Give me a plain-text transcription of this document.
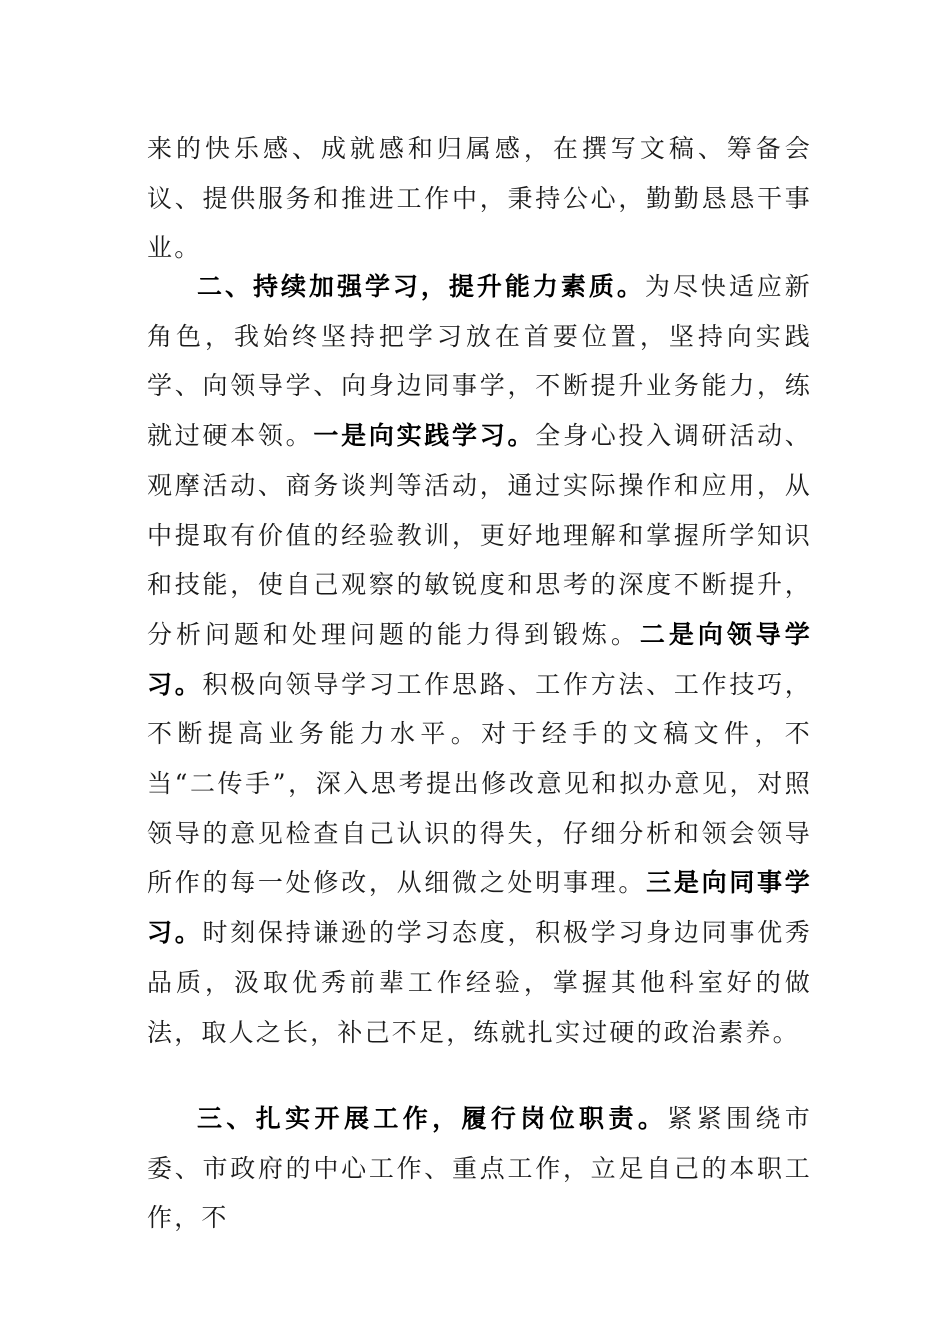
来的快乐感、成就感和归属感，在撰写文稿、筹备会议、提供服务和推进工作中，秉持公心，勤勤恳恳干事业。
二、持续加强学习，提升能力素质。为尽快适应新角色，我始终坚持把学习放在首要位置，坚持向实践学、向领导学、向身边同事学，不断提升业务能力，练就过硬本领。一是向实践学习。全身心投入调研活动、观摩活动、商务谈判等活动，通过实际操作和应用，从中提取有价值的经验教训，更好地理解和掌握所学知识和技能，使自己观察的敏锐度和思考的深度不断提升，分析问题和处理问题的能力得到锻炼。二是向领导学习。积极向领导学习工作思路、工作方法、工作技巧，不断提高业务能力水平。对于经手的文稿文件，不当“二传手”，深入思考提出修改意见和拟办意见，对照领导的意见检查自己认识的得失，仔细分析和领会领导所作的每一处修改，从细微之处明事理。三是向同事学习。时刻保持谦逊的学习态度，积极学习身边同事优秀品质，汲取优秀前辈工作经验，掌握其他科室好的做法，取人之长，补己不足，练就扎实过硬的政治素养。
三、扎实开展工作，履行岗位职责。紧紧围绕市委、市政府的中心工作、重点工作，立足自己的本职工作，不
